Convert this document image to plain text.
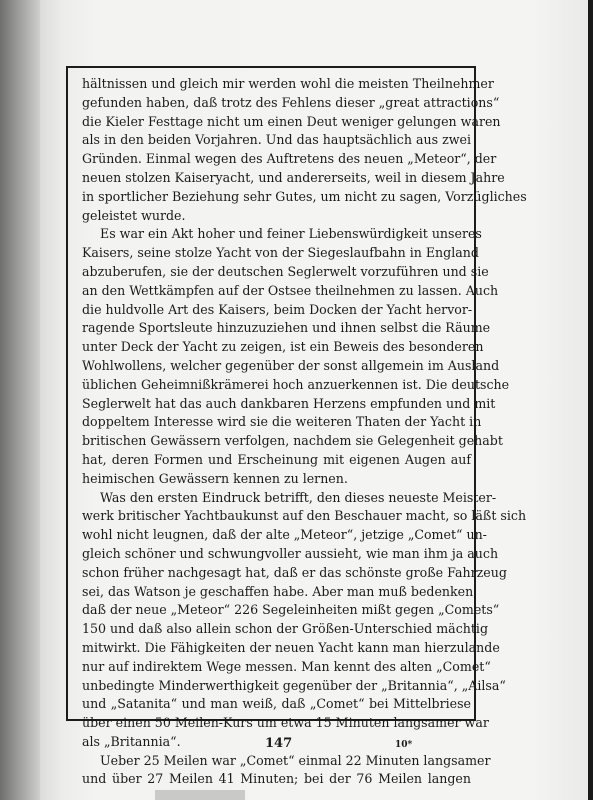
hältnissen und gleich mir werden wohl die meisten Theilnehmer
gefunden haben, daß trotz des Fehlens dieser „great attractions“
die Kieler Festtage nicht um einen Deut weniger gelungen waren
als in den beiden Vorjahren. Und das hauptsächlich aus zwei
Gründen. Einmal wegen des Auftretens des neuen „Meteor“, der
neuen stolzen Kaiseryacht, und andererseits, weil in diesem Jahre
in sportlicher Beziehung sehr Gutes, um nicht zu sagen, Vorzügliches
geleistet wurde.
Es war ein Akt hoher und feiner Liebenswürdigkeit unseres
Kaisers, seine stolze Yacht von der Siegeslaufbahn in England
abzuberufen, sie der deutschen Seglerwelt vorzuführen und sie
an den Wettkämpfen auf der Ostsee theilnehmen zu lassen. Auch
die huldvolle Art des Kaisers, beim Docken der Yacht hervor-
ragende Sportsleute hinzuzuziehen und ihnen selbst die Räume
unter Deck der Yacht zu zeigen, ist ein Beweis des besonderen
Wohlwollens, welcher gegenüber der sonst allgemein im Ausland
üblichen Geheimnißkrämerei hoch anzuerkennen ist. Die deutsche
Seglerwelt hat das auch dankbaren Herzens empfunden und mit
doppeltem Interesse wird sie die weiteren Thaten der Yacht in
britischen Gewässern verfolgen, nachdem sie Gelegenheit gehabt
hat, deren Formen und Erscheinung mit eigenen Augen auf
heimischen Gewässern kennen zu lernen.
Was den ersten Eindruck betrifft, den dieses neueste Meister-
werk britischer Yachtbaukunst auf den Beschauer macht, so läßt sich
wohl nicht leugnen, daß der alte „Meteor“, jetzige „Comet“ un-
gleich schöner und schwungvoller aussieht, wie man ihm ja auch
schon früher nachgesagt hat, daß er das schönste große Fahrzeug
sei, das Watson je geschaffen habe. Aber man muß bedenken,
daß der neue „Meteor“ 226 Segeleinheiten mißt gegen „Comets“
150 und daß also allein schon der Größen-Unterschied mächtig
mitwirkt. Die Fähigkeiten der neuen Yacht kann man hierzulande
nur auf indirektem Wege messen. Man kennt des alten „Comet“
unbedingte Minderwerthigkeit gegenüber der „Britannia“, „Ailsa“
und „Satanita“ und man weiß, daß „Comet“ bei Mittelbriese
über einen 50 Meilen-Kurs um etwa 15 Minuten langsamer war
als „Britannia“.
Ueber 25 Meilen war „Comet“ einmal 22 Minuten langsamer
und über 27 Meilen 41 Minuten; bei der 76 Meilen langen
147	10*
